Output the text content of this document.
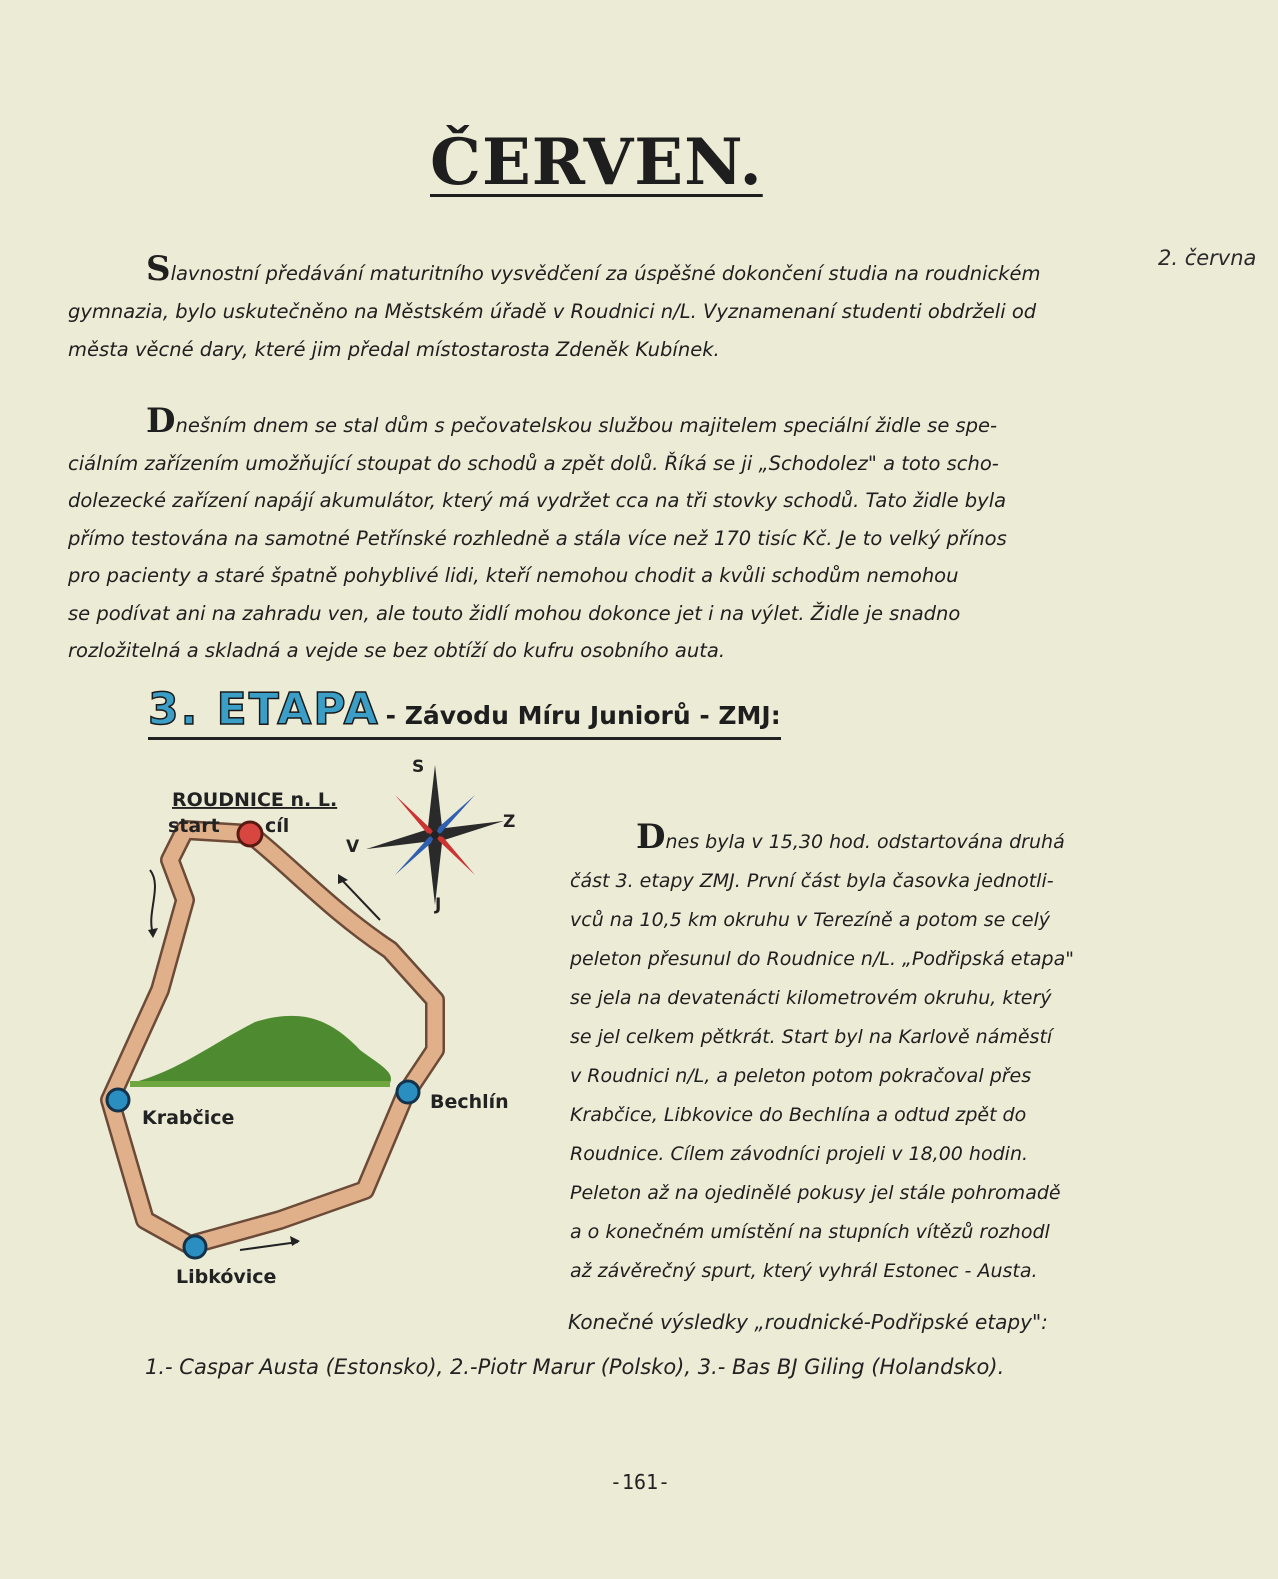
ČERVEN.
2. června
Slavnostní předávání maturitního vysvědčení za úspěšné dokončení studia na roudnickém
gymnazia, bylo uskutečněno na Městském úřadě v Roudnici n/L. Vyznamenaní studenti obdrželi od
města věcné dary, které jim předal místostarosta Zdeněk Kubínek.
Dnešním dnem se stal dům s pečovatelskou službou majitelem speciální židle se spe-
ciálním zařízením umožňující stoupat do schodů a zpět dolů. Říká se ji „Schodolez" a toto scho-
dolezecké zařízení napájí akumulátor, který má vydržet cca na tři stovky schodů. Tato židle byla
přímo testována na samotné Petřínské rozhledně a stála více než 170 tisíc Kč. Je to velký přínos
pro pacienty a staré špatně pohyblivé lidi, kteří nemohou chodit a kvůli schodům nemohou
se podívat ani na zahradu ven, ale touto židlí mohou dokonce jet i na výlet. Židle je snadno
rozložitelná a skladná a vejde se bez obtíží do kufru osobního auta.
3. ETAPA - Závodu Míru Juniorů - ZMJ:
S
J
Z
V
ROUDNICE n. L.
start cíl
Krabčice
Bechlín
Libkóvice
Dnes byla v 15,30 hod. odstartována druhá
část 3. etapy ZMJ. První část byla časovka jednotli-
vců na 10,5 km okruhu v Terezíně a potom se celý
peleton přesunul do Roudnice n/L. „Podřipská etapa"
se jela na devatenácti kilometrovém okruhu, který
se jel celkem pětkrát. Start byl na Karlově náměstí
v Roudnici n/L, a peleton potom pokračoval přes
Krabčice, Libkovice do Bechlína a odtud zpět do
Roudnice. Cílem závodníci projeli v 18,00 hodin.
Peleton až na ojedinělé pokusy jel stále pohromadě
a o konečném umístění na stupních vítězů rozhodl
až závěrečný spurt, který vyhrál Estonec - Austa.
Konečné výsledky „roudnické-Podřipské etapy":
1.- Caspar Austa (Estonsko), 2.-Piotr Marur (Polsko), 3.- Bas BJ Giling (Holandsko).
-161-
